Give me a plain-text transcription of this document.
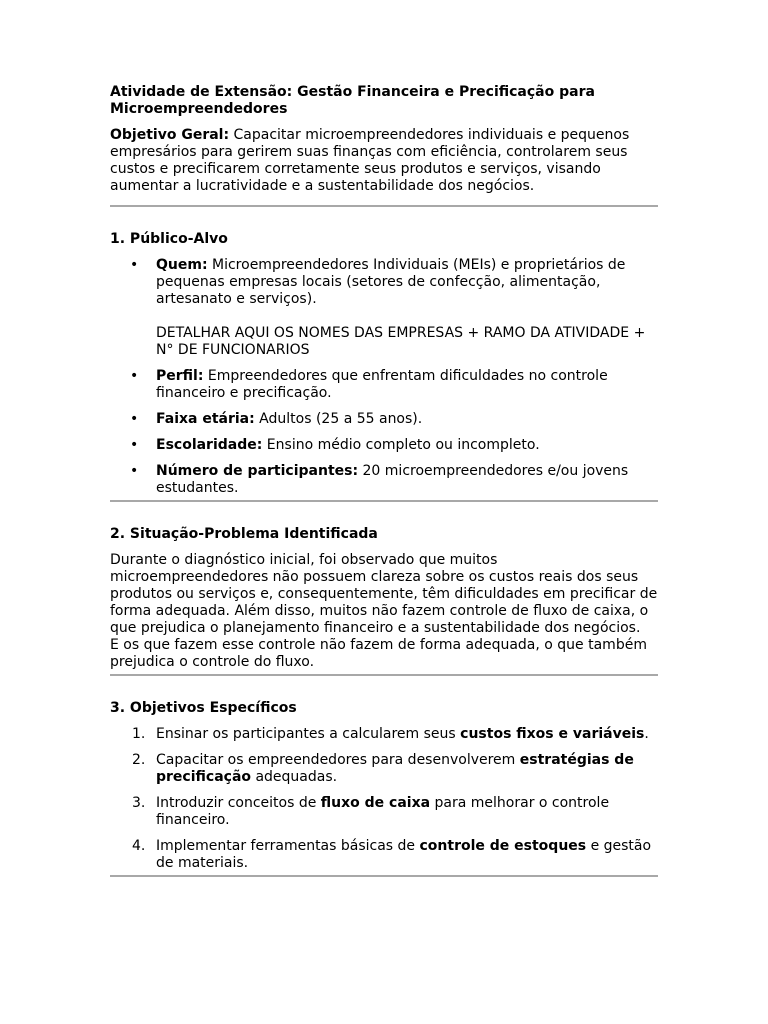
Atividade de Extensão: Gestão Financeira e Precificação para Microempreendedores

Objetivo Geral: Capacitar microempreendedores individuais e pequenos empresários para gerirem suas finanças com eficiência, controlarem seus custos e precificarem corretamente seus produtos e serviços, visando aumentar a lucratividade e a sustentabilidade dos negócios.

1. Público-Alvo
• Quem: Microempreendedores Individuais (MEIs) e proprietários de pequenas empresas locais (setores de confecção, alimentação, artesanato e serviços).
DETALHAR AQUI OS NOMES DAS EMPRESAS + RAMO DA ATIVIDADE + N° DE FUNCIONARIOS
• Perfil: Empreendedores que enfrentam dificuldades no controle financeiro e precificação.
• Faixa etária: Adultos (25 a 55 anos).
• Escolaridade: Ensino médio completo ou incompleto.
• Número de participantes: 20 microempreendedores e/ou jovens estudantes.
2. Situação-Problema Identificada

Durante o diagnóstico inicial, foi observado que muitos microempreendedores não possuem clareza sobre os custos reais dos seus produtos ou serviços e, consequentemente, têm dificuldades em precificar de forma adequada. Além disso, muitos não fazem controle de fluxo de caixa, o que prejudica o planejamento financeiro e a sustentabilidade dos negócios.

E os que fazem esse controle não fazem de forma adequada, o que também prejudica o controle do fluxo.

3. Objetivos Específicos
1. Ensinar os participantes a calcularem seus custos fixos e variáveis.
2. Capacitar os empreendedores para desenvolverem estratégias de precificação adequadas.
3. Introduzir conceitos de fluxo de caixa para melhorar o controle financeiro.
4. Implementar ferramentas básicas de controle de estoques e gestão de materiais.
